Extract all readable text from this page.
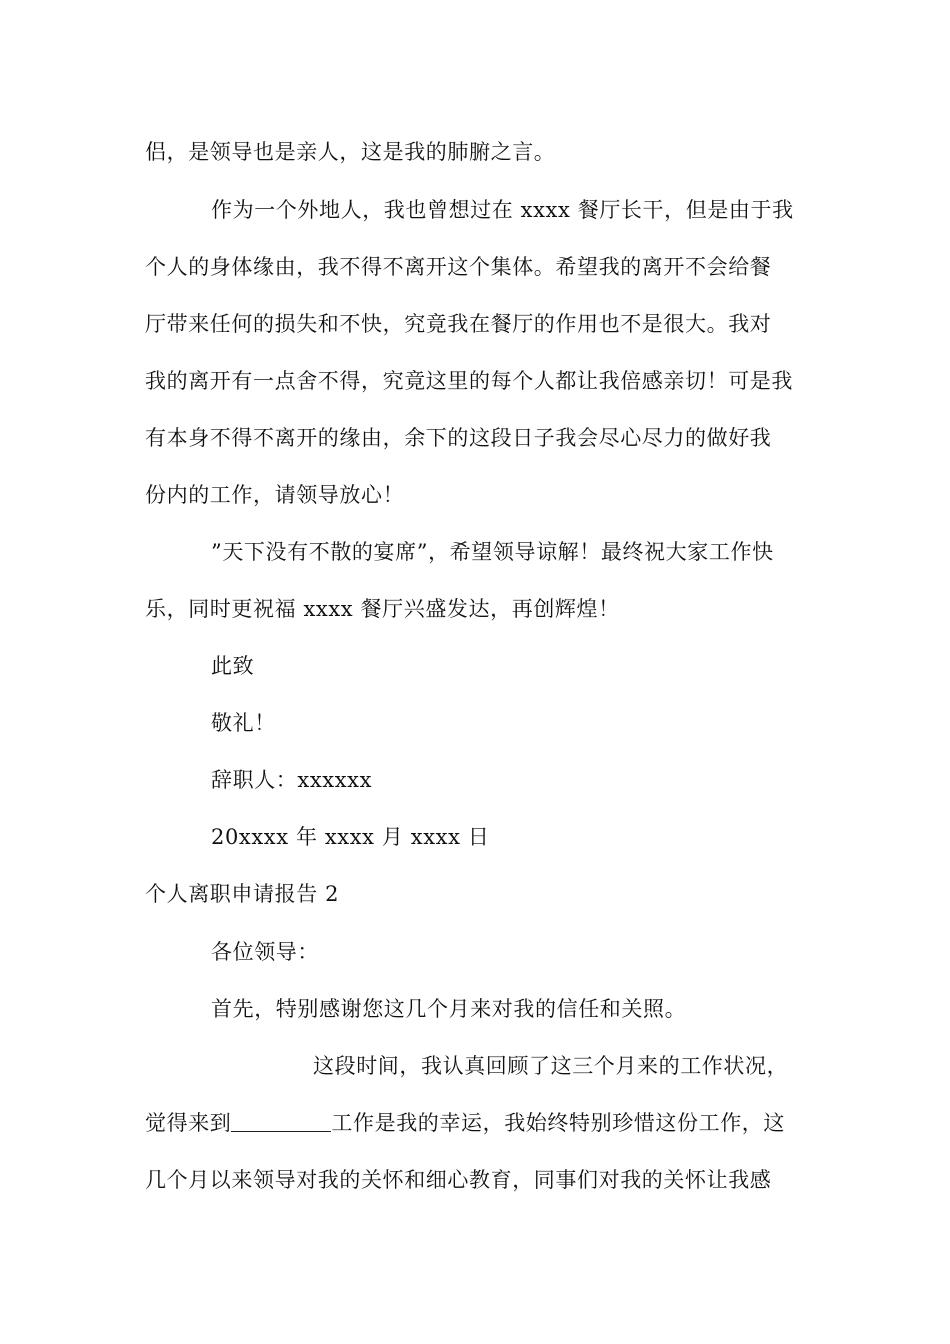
侣，是领导也是亲人，这是我的肺腑之言。
作为一个外地人，我也曾想过在 xxxx 餐厅长干，但是由于我
个人的身体缘由，我不得不离开这个集体。希望我的离开不会给餐
厅带来任何的损失和不快，究竟我在餐厅的作用也不是很大。我对
我的离开有一点舍不得，究竟这里的每个人都让我倍感亲切！可是我
有本身不得不离开的缘由，余下的这段日子我会尽心尽力的做好我
份内的工作，请领导放心！
”天下没有不散的宴席”，希望领导谅解！最终祝大家工作快
乐，同时更祝福 xxxx 餐厅兴盛发达，再创辉煌！
此致
敬礼！
辞职人：xxxxxx
20xxxx 年 xxxx 月 xxxx 日
个人离职申请报告 2
各位领导：
首先，特别感谢您这几个月来对我的信任和关照。
这段时间，我认真回顾了这三个月来的工作状况，
觉得来到	工作是我的幸运，我始终特别珍惜这份工作，这
几个月以来领导对我的关怀和细心教育，同事们对我的关怀让我感
